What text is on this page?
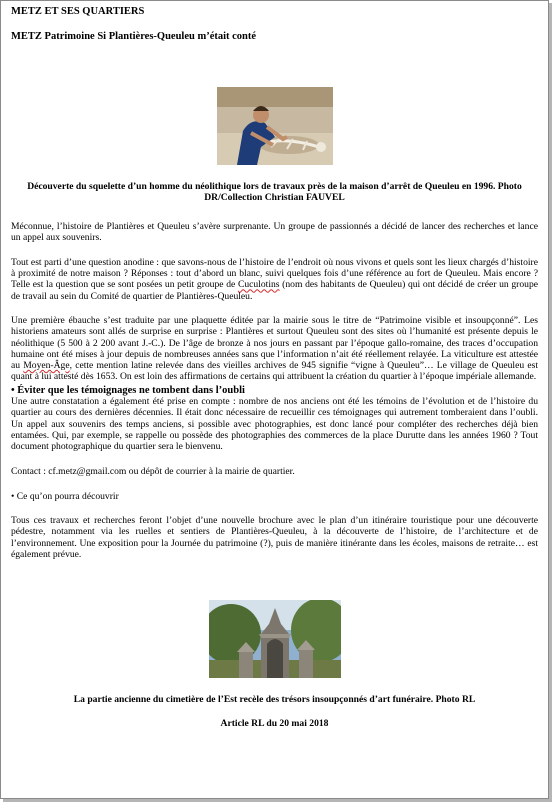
METZ ET SES QUARTIERS
METZ Patrimoine Si Plantières-Queuleu m’était conté
Découverte du squelette d’un homme du néolithique lors de travaux près de la maison d’arrêt de Queuleu en 1996. Photo DR/Collection Christian FAUVEL

Méconnue, l’histoire de Plantières et Queuleu s’avère surprenante. Un groupe de passionnés a décidé de lancer des recherches et lance un appel aux souvenirs.

Tout est parti d’une question anodine : que savons-nous de l’histoire de l’endroit où nous vivons et quels sont les lieux chargés d’histoire à proximité de notre maison ? Réponses : tout d’abord un blanc, suivi quelques fois d’une référence au fort de Queuleu. Mais encore ? Telle est la question que se sont posées un petit groupe de Cuculotins (nom des habitants de Queuleu) qui ont décidé de créer un groupe de travail au sein du Comité de quartier de Plantières-Queuleu.

Une première ébauche s’est traduite par une plaquette éditée par la mairie sous le titre de “Patrimoine visible et insoupçonné”. Les historiens amateurs sont allés de surprise en surprise : Plantières et surtout Queuleu sont des sites où l’humanité est présente depuis le néolithique (5 500 à 2 200 avant J.-C.). De l’âge de bronze à nos jours en passant par l’époque gallo-romaine, des traces d’occupation humaine ont été mises à jour depuis de nombreuses années sans que l’information n’ait été réellement relayée. La viticulture est attestée au Moyen-Âge, cette mention latine relevée dans des vieilles archives de 945 signifie “vigne à Queuleu”… Le village de Queuleu est quant à lui attesté dès 1653. On est loin des affirmations de certains qui attribuent la création du quartier à l’époque impériale allemande.

• Éviter que les témoignages ne tombent dans l’oubli

Une autre constatation a également été prise en compte : nombre de nos anciens ont été les témoins de l’évolution et de l’histoire du quartier au cours des dernières décennies. Il était donc nécessaire de recueillir ces témoignages qui autrement tomberaient dans l’oubli. Un appel aux souvenirs des temps anciens, si possible avec photographies, est donc lancé pour compléter des recherches déjà bien entamées. Qui, par exemple, se rappelle ou possède des photographies des commerces de la place Durutte dans les années 1960 ? Tout document photographique du quartier sera le bienvenu.

Contact : cf.metz@gmail.com ou dépôt de courrier à la mairie de quartier.

• Ce qu’on pourra découvrir

Tous ces travaux et recherches feront l’objet d’une nouvelle brochure avec le plan d’un itinéraire touristique pour une découverte pédestre, notamment via les ruelles et sentiers de Plantières-Queuleu, à la découverte de l’histoire, de l’architecture et de l’environnement. Une exposition pour la Journée du patrimoine (?), puis de manière itinérante dans les écoles, maisons de retraite… est également prévue.

La partie ancienne du cimetière de l’Est recèle des trésors insoupçonnés d’art funéraire. Photo RL
Article RL du 20 mai 2018
